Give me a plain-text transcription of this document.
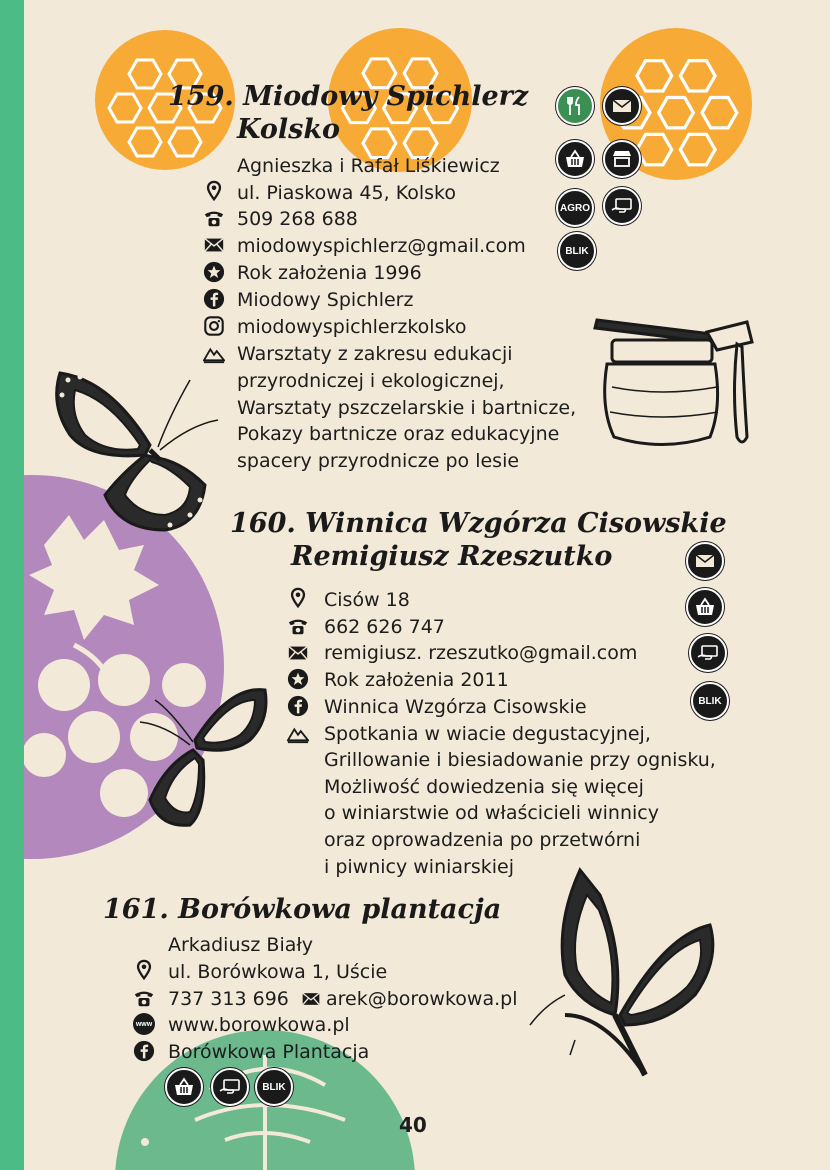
159. Miodowy Spichlerz
Kolsko
Agnieszka i Rafał Liśkiewicz
ul. Piaskowa 45, Kolsko
509 268 688
miodowyspichlerz@gmail.com
Rok założenia 1996
Miodowy Spichlerz
miodowyspichlerzkolsko
Warsztaty z zakresu edukacji
przyrodniczej i ekologicznej,
Warsztaty pszczelarskie i bartnicze,
Pokazy bartnicze oraz edukacyjne
spacery przyrodnicze po lesie
AGRO
BLIK
160. Winnica Wzgórza Cisowskie
Remigiusz Rzeszutko
Cisów 18
662 626 747
remigiusz. rzeszutko@gmail.com
Rok założenia 2011
Winnica Wzgórza Cisowskie
Spotkania w wiacie degustacyjnej,
Grillowanie i biesiadowanie przy ognisku,
Możliwość dowiedzenia się więcej
o winiarstwie od właścicieli winnicy
oraz oprowadzenia po przetwórni
i piwnicy winiarskiej
BLIK
161. Borówkowa plantacja
Arkadiusz Biały
ul. Borówkowa 1, Uście
737 313 696 arek@borowkowa.pl
www www.borowkowa.pl
Borówkowa Plantacja
BLIK
40
